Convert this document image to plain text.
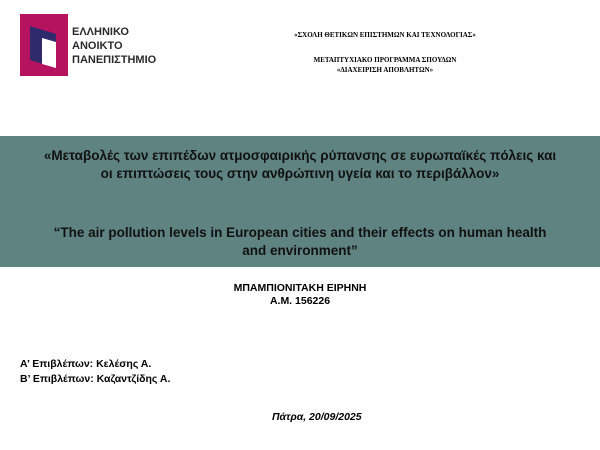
ΕΛΛΗΝΙΚΟ
ΑΝΟΙΚΤΟ
ΠΑΝΕΠΙΣΤΗΜΙΟ
«ΣΧΟΛΗ ΘΕΤΙΚΩΝ ΕΠΙΣΤΗΜΩΝ ΚΑΙ ΤΕΧΝΟΛΟΓΙΑΣ»
ΜΕΤΑΠΤΥΧΙΑΚΟ ΠΡΟΓΡΑΜΜΑ ΣΠΟΥΔΩΝ
«ΔΙΑΧΕΙΡΙΣΗ ΑΠΟΒΛΗΤΩΝ»
«Μεταβολές των επιπέδων ατμοσφαιρικής ρύπανσης σε ευρωπαϊκές πόλεις και οι επιπτώσεις τους στην ανθρώπινη υγεία και το περιβάλλον»
“The air pollution levels in European cities and their effects on human health and environment”
ΜΠΑΜΠΙΟΝΙΤΑΚΗ ΕΙΡΗΝΗ
Α.Μ. 156226
Α’ Επιβλέπων: Κελέσης Α.
Β’ Επιβλέπων: Καζαντζίδης Α.
Πάτρα, 20/09/2025
